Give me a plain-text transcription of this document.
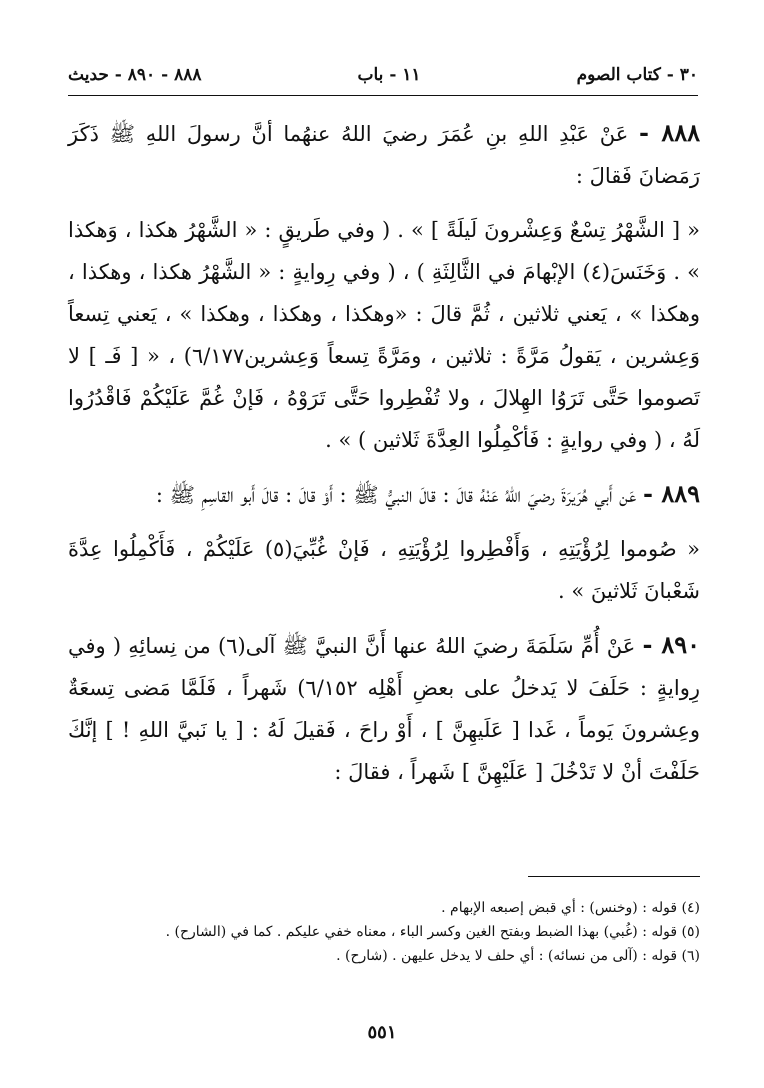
٣٠ - كتاب الصوم
١١ - باب
٨٨٨ - ٨٩٠ - حديث

٨٨٨ - عَنْ عَبْدِ اللهِ بنِ عُمَرَ رضيَ اللهُ عنهُما أنَّ رسولَ اللهِ ﷺ ذَكَرَ رَمَضانَ فَقالَ :

« [ الشَّهْرُ تِسْعٌ وَعِشْرونَ لَيلَةً ] » . ( وفي طَريقٍ : « الشَّهْرُ هكذا ، وَهكذا » . وَخَنَسَ(٤) الإبْهامَ في الثَّالِثَةِ ) ، ( وفي رِوايةٍ : « الشَّهْرُ هكذا ، وهكذا ، وهكذا » ، يَعني ثلاثين ، ثُمَّ قالَ : «وهكذا ، وهكذا ، وهكذا » ، يَعني تِسعاً وَعِشرين ، يَقولُ مَرَّةً : ثلاثين ، ومَرَّةً تِسعاً وَعِشرين٦/١٧٧) ، « [ فَـ ] لا تَصوموا حَتَّى تَرَوُا الهِلالَ ، ولا تُفْطِروا حَتَّى تَرَوْهُ ، فَإنْ غُمَّ عَلَيْكُمْ فَاقْدُرُوا لَهُ ، ( وفي روايةٍ : فَأكْمِلُوا العِدَّةَ ثَلاثين ) » .

٨٨٩ - عَن أَبي هُرَيرَةَ رضيَ اللهُ عَنْهُ قالَ : قالَ النبيُّ ﷺ : أَوْ قالَ : قالَ أَبو القاسِمِ ﷺ :

« صُوموا لِرُؤْيَتِهِ ، وَأَفْطِروا لِرُؤْيَتِهِ ، فَإنْ غُبِّيَ(٥) عَلَيْكُمْ ، فَأَكْمِلُوا عِدَّةَ شَعْبانَ ثَلاثينَ » .

٨٩٠ - عَنْ أُمِّ سَلَمَةَ رضيَ اللهُ عنها أَنَّ النبيَّ ﷺ آلى(٦) من نِسائِهِ ( وفي رِوايةٍ : حَلَفَ لا يَدخلُ على بعضِ أَهْلِه ٦/١٥٢) شَهراً ، فَلَمَّا مَضى تِسعَةٌ وعِشرونَ يَوماً ، غَدا [ عَلَيهِنَّ ] ، أَوْ راحَ ، فَقيلَ لَهُ : [ يا نَبيَّ اللهِ ! ] إنَّكَ حَلَفْتَ أنْ لا تَدْخُلَ [ عَلَيْهِنَّ ] شَهراً ، فقالَ :

(٤) قوله : (وخنس) : أي قبض إصبعه الإبهام .

(٥) قوله : (غُبي) بهذا الضبط وبفتح الغين وكسر الباء ، معناه خفي عليكم . كما في (الشارح) .

(٦) قوله : (آلى من نسائه) : أي حلف لا يدخل عليهن . (شارح) .

٥٥١
